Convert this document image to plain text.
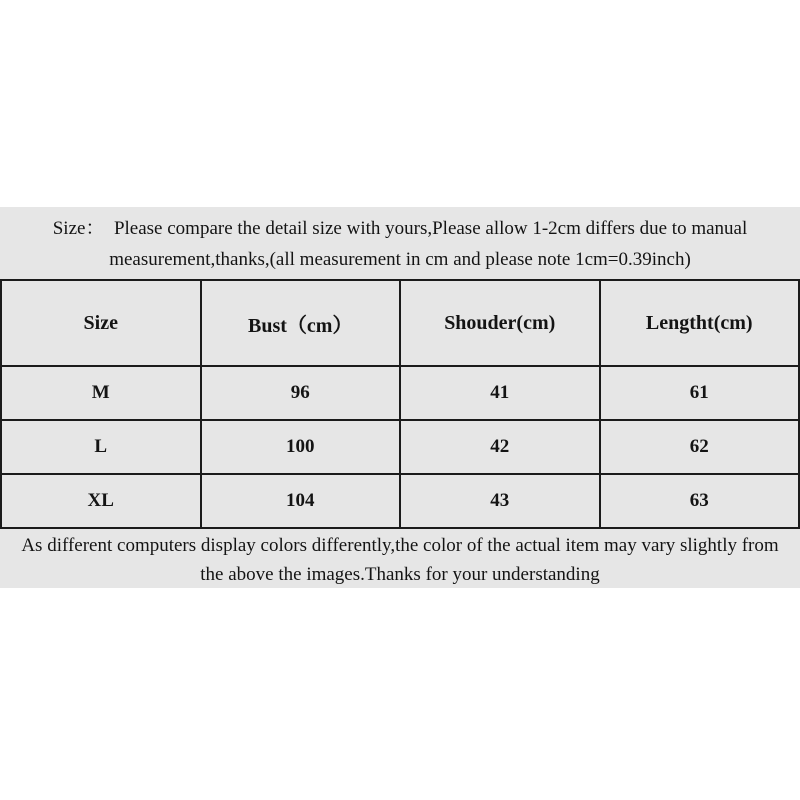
Size：  Please compare the detail size with yours,Please allow 1-2cm differs due to manual
measurement,thanks,(all measurement in cm and please note 1cm=0.39inch)
Size	Bust（cm）	Shouder(cm)	Lengtht(cm)
M	96	41	61
L	100	42	62
XL	104	43	63
As different computers display colors differently,the color of the actual item may vary slightly from
the above the images.Thanks for your understanding
